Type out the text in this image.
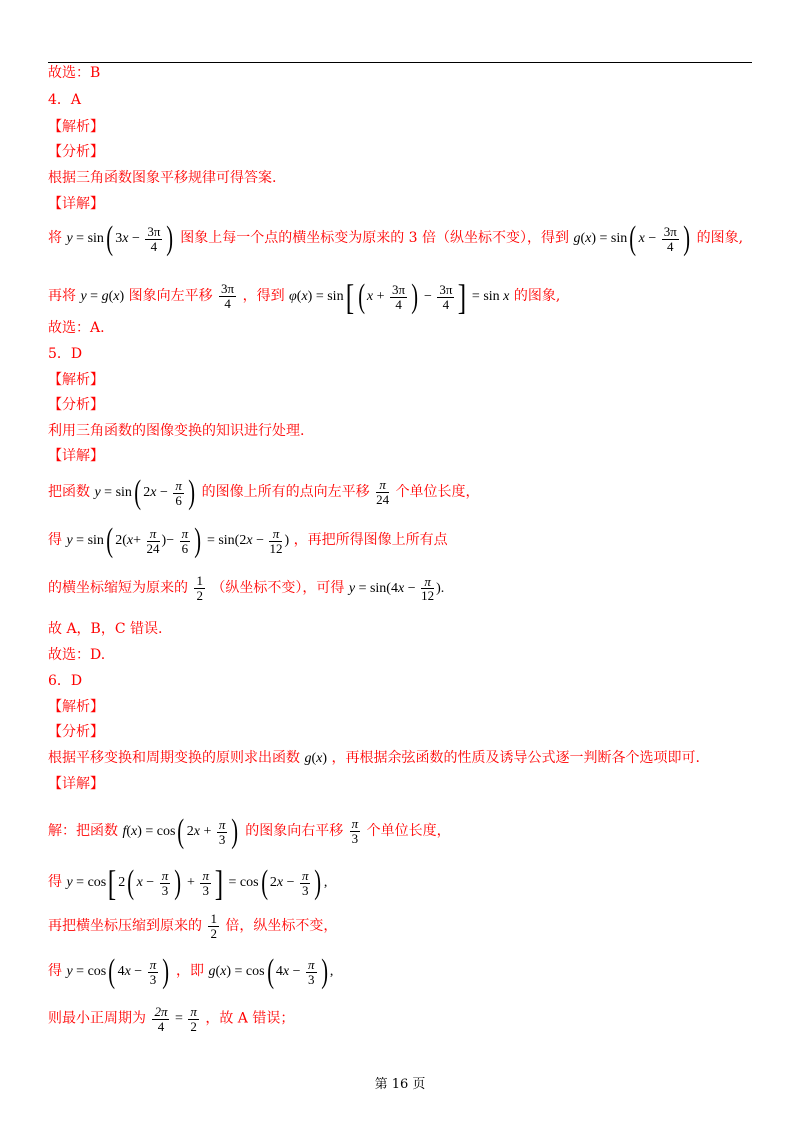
故选：B
4．A
【解析】
【分析】
根据三角函数图象平移规律可得答案.
【详解】
将 y = sin( $3x - \frac{3\pi}{4}$ ) 图象上每一个点的横坐标变为原来的 3 倍（纵坐标不变），得到 g(x) = sin( $x - \frac{3\pi}{4}$ ) 的图象,
再将 y = g(x) 图象向左平移 $\frac{3\pi}{4}$ ，得到 φ(x) = sin[ ( $x + \frac{3\pi}{4}$ ) − $\frac{3\pi}{4}$ ] = sin x 的图象,
故选：A.
5．D
【解析】
【分析】
利用三角函数的图像变换的知识进行处理.
【详解】
把函数 y = sin( $2x - \frac{\pi}{6}$ ) 的图像上所有的点向左平移 $\frac{\pi}{24}$ 个单位长度，
得 y = sin( $2(x+ \frac{\pi}{24}$ )− $\frac{\pi}{6}$ ) = $\sin(2x - \frac{\pi}{12}$ ) ，再把所得图像上所有点
的横坐标缩短为原来的 $\frac{1}{2}$ （纵坐标不变），可得 $y = \sin(4x - \frac{\pi}{12}$ ).
故 A，B，C 错误.
故选：D.
6．D
【解析】
【分析】
根据平移变换和周期变换的原则求出函数 g(x) ，再根据余弦函数的性质及诱导公式逐一判断各个选项即可.
【详解】
解：把函数 f(x) = cos( $2x + \frac{\pi}{3}$ ) 的图象向右平移 $\frac{\pi}{3}$ 个单位长度，
得 y = cos[ 2( $x - \frac{\pi}{3}$ ) + $\frac{\pi}{3}$ ] = cos( $2x - \frac{\pi}{3}$ ) ,
再把横坐标压缩到原来的 $\frac{1}{2}$ 倍，纵坐标不变，
得 y = cos( $4x - \frac{\pi}{3}$ ) ，即 g(x) = cos( $4x - \frac{\pi}{3}$ ) ,
则最小正周期为 $\frac{2\pi}{4} = \frac{\pi}{2}$ ，故 A 错误；
第 16 页
